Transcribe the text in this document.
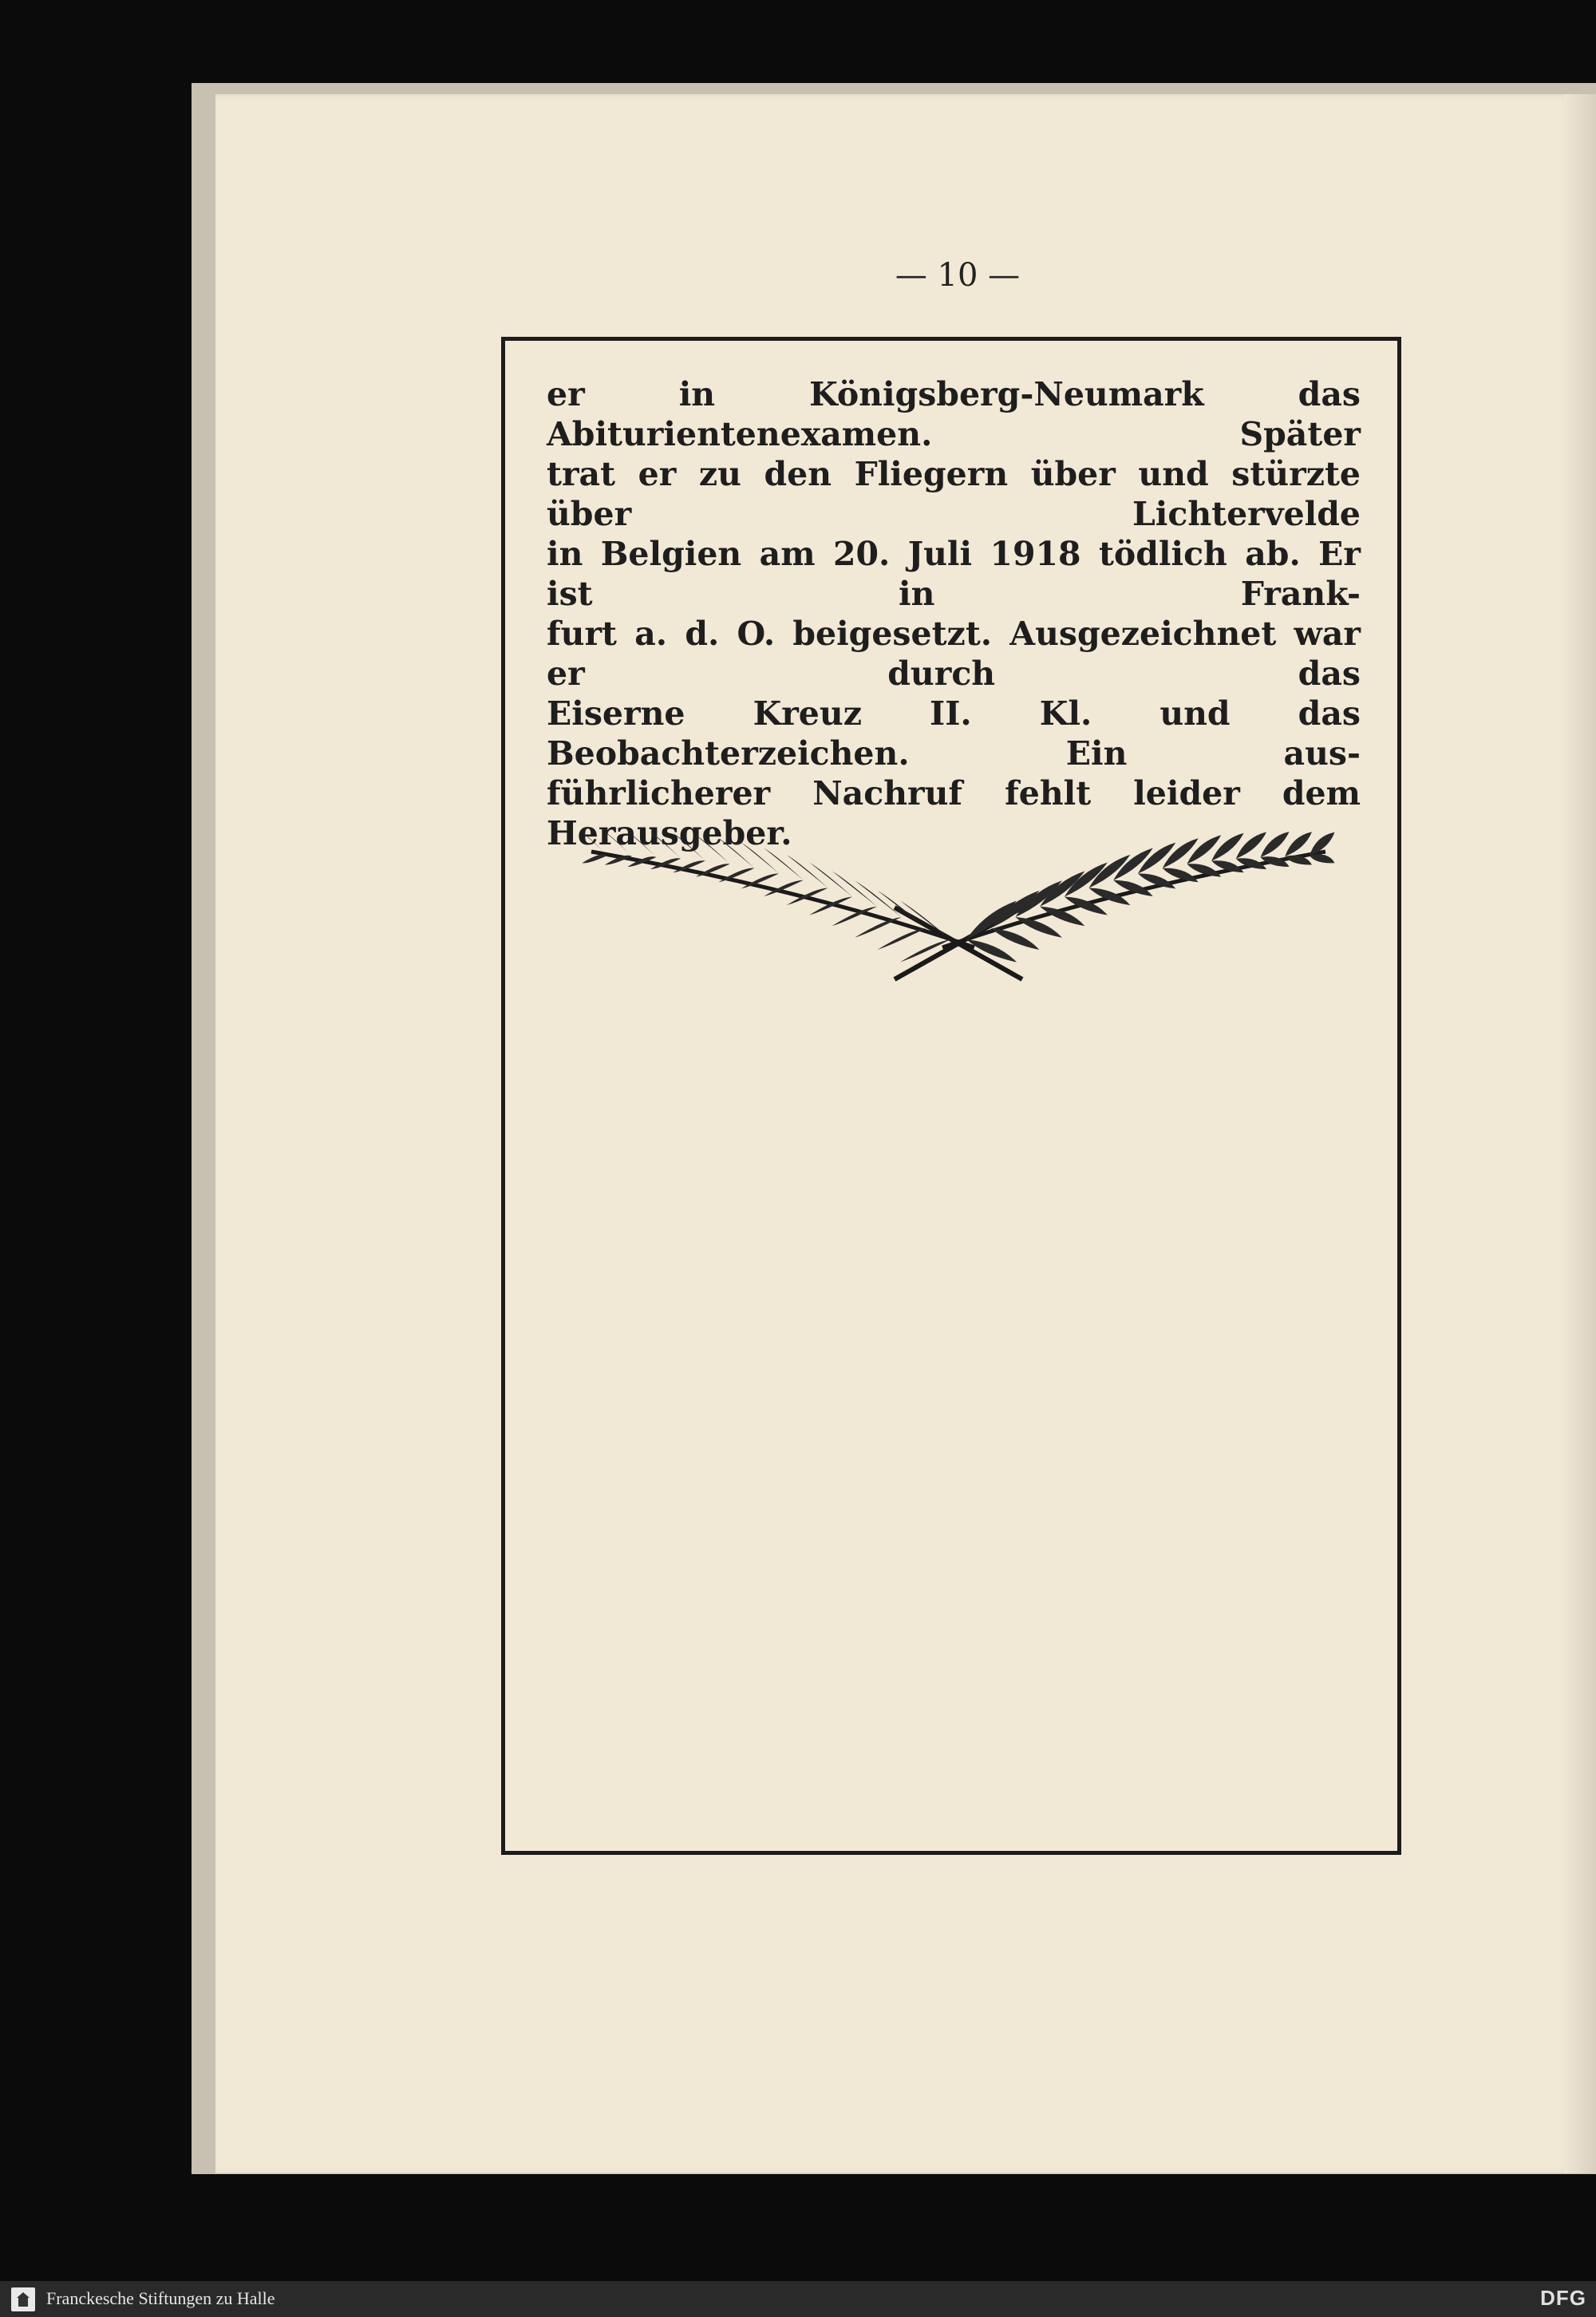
— 10 —

er in Königsberg-Neumark das Abiturientenexamen. Später

trat er zu den Fliegern über und stürzte über Lichtervelde

in Belgien am 20. Juli 1918 tödlich ab. Er ist in Frank-

furt a. d. O. beigesetzt. Ausgezeichnet war er durch das

Eiserne Kreuz II. Kl. und das Beobachterzeichen. Ein aus-

führlicherer Nachruf fehlt leider dem Herausgeber.

Franckesche Stiftungen zu Halle	DFG
